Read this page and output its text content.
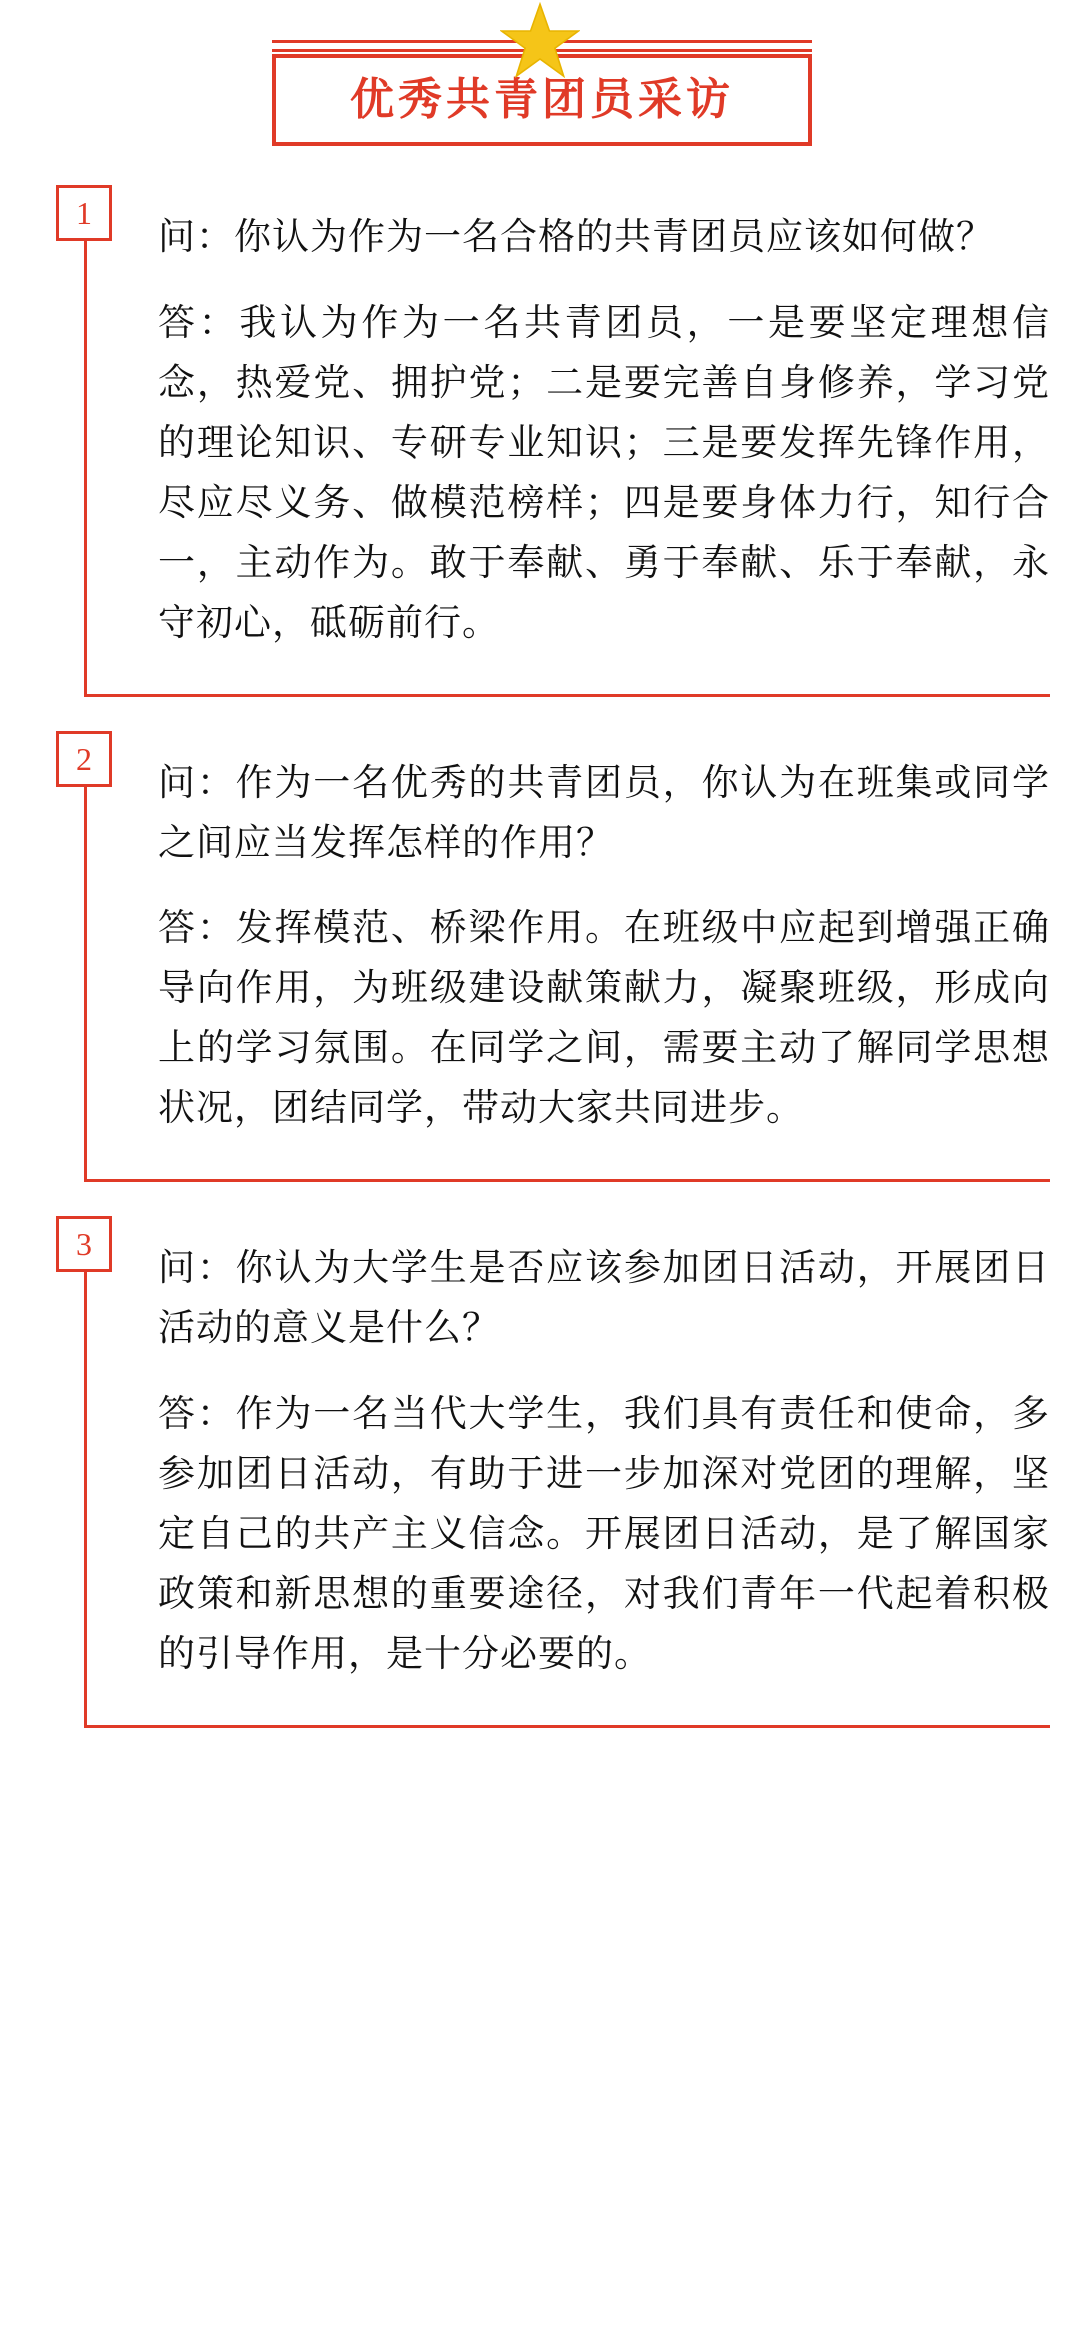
优秀共青团员采访
1

问：你认为作为一名合格的共青团员应该如何做？

答：我认为作为一名共青团员，一是要坚定理想信念，热爱党、拥护党；二是要完善自身修养，学习党的理论知识、专研专业知识；三是要发挥先锋作用，尽应尽义务、做模范榜样；四是要身体力行，知行合一，主动作为。敢于奉献、勇于奉献、乐于奉献，永守初心，砥砺前行。

2

问：作为一名优秀的共青团员，你认为在班集或同学之间应当发挥怎样的作用？

答：发挥模范、桥梁作用。在班级中应起到增强正确导向作用，为班级建设献策献力，凝聚班级，形成向上的学习氛围。在同学之间，需要主动了解同学思想状况，团结同学，带动大家共同进步。

3

问：你认为大学生是否应该参加团日活动，开展团日活动的意义是什么？

答：作为一名当代大学生，我们具有责任和使命，多参加团日活动，有助于进一步加深对党团的理解，坚定自己的共产主义信念。开展团日活动，是了解国家政策和新思想的重要途径，对我们青年一代起着积极的引导作用，是十分必要的。
